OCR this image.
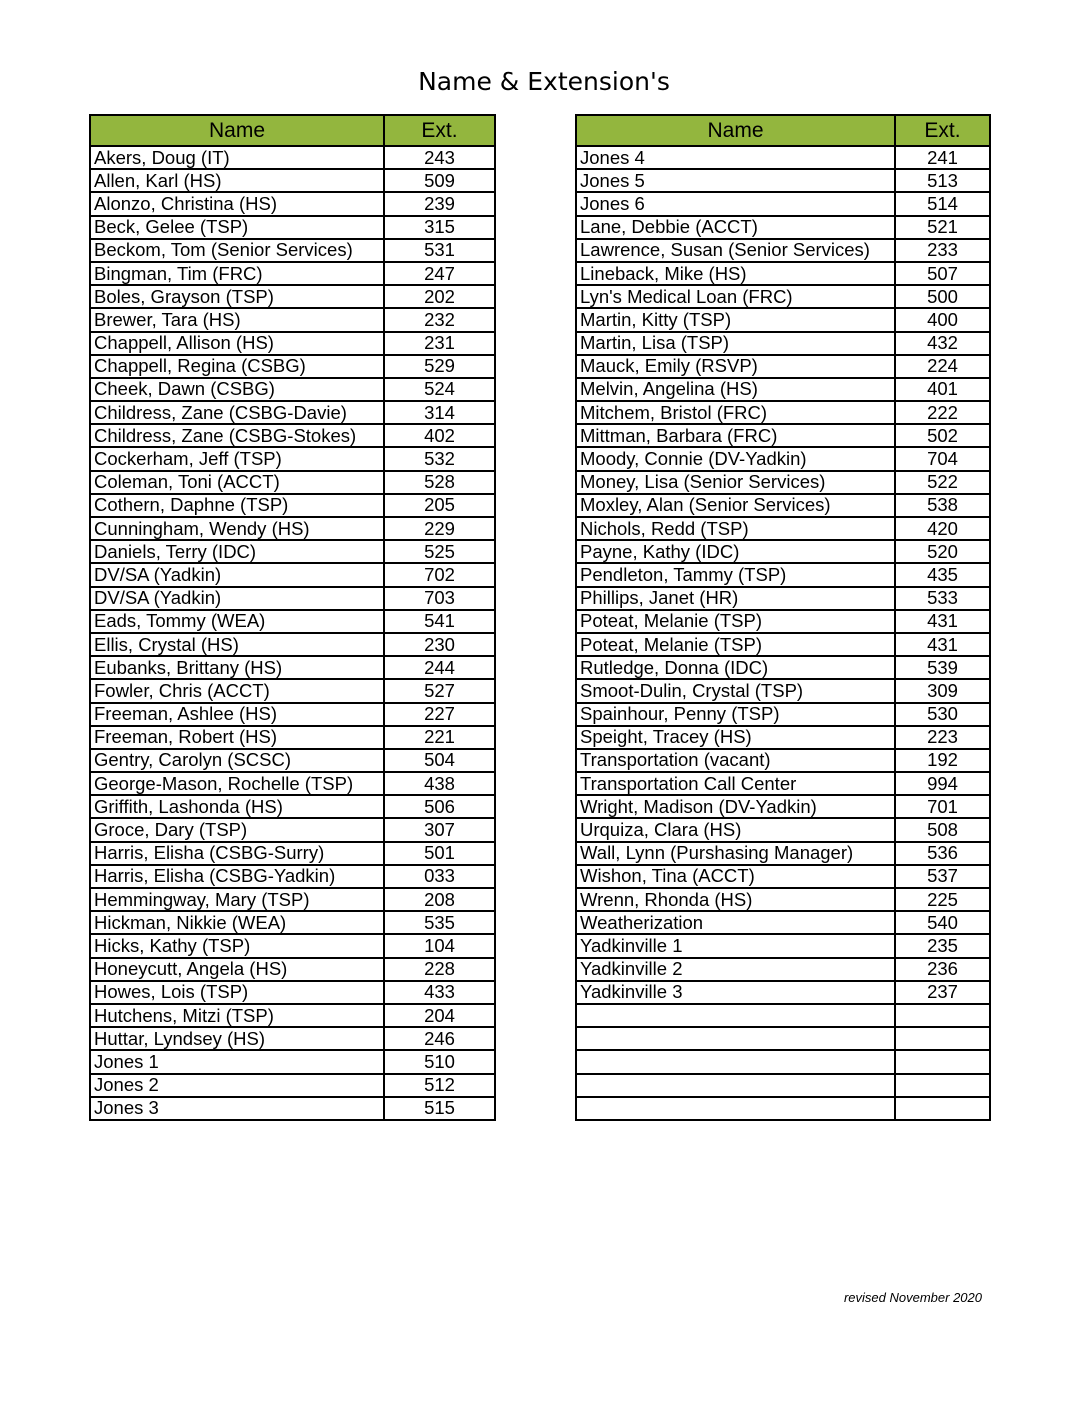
Name & Extension's
Name	Ext.
Akers, Doug (IT)	243
Allen, Karl (HS)	509
Alonzo, Christina (HS)	239
Beck, Gelee (TSP)	315
Beckom, Tom (Senior Services)	531
Bingman, Tim (FRC)	247
Boles, Grayson (TSP)	202
Brewer, Tara (HS)	232
Chappell, Allison (HS)	231
Chappell, Regina (CSBG)	529
Cheek, Dawn (CSBG)	524
Childress, Zane (CSBG-Davie)	314
Childress, Zane (CSBG-Stokes)	402
Cockerham, Jeff (TSP)	532
Coleman, Toni (ACCT)	528
Cothern, Daphne (TSP)	205
Cunningham, Wendy (HS)	229
Daniels, Terry (IDC)	525
DV/SA (Yadkin)	702
DV/SA (Yadkin)	703
Eads, Tommy (WEA)	541
Ellis, Crystal (HS)	230
Eubanks, Brittany (HS)	244
Fowler, Chris (ACCT)	527
Freeman, Ashlee (HS)	227
Freeman, Robert (HS)	221
Gentry, Carolyn (SCSC)	504
George-Mason, Rochelle (TSP)	438
Griffith, Lashonda (HS)	506
Groce, Dary (TSP)	307
Harris, Elisha (CSBG-Surry)	501
Harris, Elisha (CSBG-Yadkin)	033
Hemmingway, Mary (TSP)	208
Hickman, Nikkie (WEA)	535
Hicks, Kathy (TSP)	104
Honeycutt, Angela (HS)	228
Howes, Lois (TSP)	433
Hutchens, Mitzi (TSP)	204
Huttar, Lyndsey (HS)	246
Jones 1	510
Jones 2	512
Jones 3	515
Name	Ext.
Jones 4	241
Jones 5	513
Jones 6	514
Lane, Debbie (ACCT)	521
Lawrence, Susan (Senior Services)	233
Lineback, Mike (HS)	507
Lyn's Medical Loan (FRC)	500
Martin, Kitty (TSP)	400
Martin, Lisa (TSP)	432
Mauck, Emily (RSVP)	224
Melvin, Angelina (HS)	401
Mitchem, Bristol (FRC)	222
Mittman, Barbara (FRC)	502
Moody, Connie (DV-Yadkin)	704
Money, Lisa (Senior Services)	522
Moxley, Alan (Senior Services)	538
Nichols, Redd (TSP)	420
Payne, Kathy (IDC)	520
Pendleton, Tammy (TSP)	435
Phillips, Janet (HR)	533
Poteat, Melanie (TSP)	431
Poteat, Melanie (TSP)	431
Rutledge, Donna (IDC)	539
Smoot-Dulin, Crystal (TSP)	309
Spainhour, Penny (TSP)	530
Speight, Tracey (HS)	223
Transportation (vacant)	192
Transportation Call Center	994
Wright, Madison (DV-Yadkin)	701
Urquiza, Clara (HS)	508
Wall, Lynn (Purshasing Manager)	536
Wishon, Tina (ACCT)	537
Wrenn, Rhonda (HS)	225
Weatherization	540
Yadkinville 1	235
Yadkinville 2	236
Yadkinville 3	237

revised November 2020
